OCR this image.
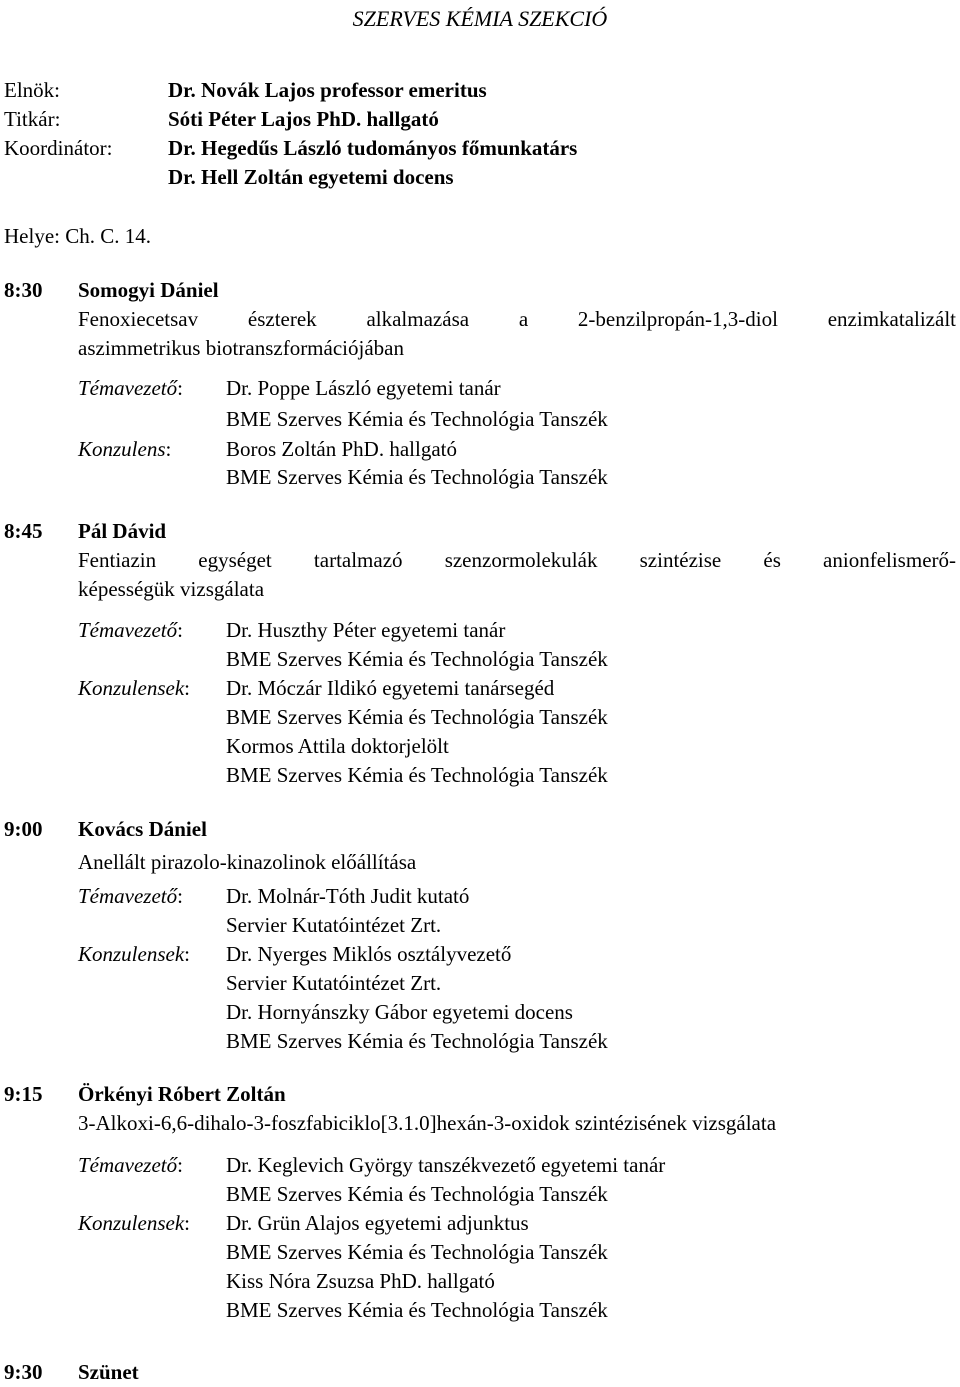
SZERVES KÉMIA SZEKCIÓ
Elnök:	Dr. Novák Lajos professor emeritus
Titkár:	Sóti Péter Lajos PhD. hallgató
Koordinátor:	Dr. Hegedűs László tudományos főmunkatárs
Dr. Hell Zoltán egyetemi docens
Helye: Ch. C. 14.
8:30 Somogyi Dániel
Fenoxiecetsav észterek alkalmazása a 2-benzilpropán-1,3-diol enzimkatalizált
aszimmetrikus biotranszformációjában
Témavezető: Dr. Poppe László egyetemi tanár
BME Szerves Kémia és Technológia Tanszék
Konzulens:	Boros Zoltán PhD. hallgató
BME Szerves Kémia és Technológia Tanszék
8:45 Pál Dávid
Fentiazin egységet tartalmazó szenzormolekulák szintézise és anionfelismerő-
képességük vizsgálata
Témavezető: Dr. Huszthy Péter egyetemi tanár
BME Szerves Kémia és Technológia Tanszék
Konzulensek: Dr. Móczár Ildikó egyetemi tanársegéd
BME Szerves Kémia és Technológia Tanszék
Kormos Attila doktorjelölt
BME Szerves Kémia és Technológia Tanszék
9:00 Kovács Dániel
Anellált pirazolo-kinazolinok előállítása
Témavezető: Dr. Molnár-Tóth Judit kutató
Servier Kutatóintézet Zrt.
Konzulensek: Dr. Nyerges Miklós osztályvezető
Servier Kutatóintézet Zrt.
Dr. Hornyánszky Gábor egyetemi docens
BME Szerves Kémia és Technológia Tanszék
9:15 Örkényi Róbert Zoltán
3-Alkoxi-6,6-dihalo-3-foszfabiciklo[3.1.0]hexán-3-oxidok szintézisének vizsgálata
Témavezető: Dr. Keglevich György tanszékvezető egyetemi tanár
BME Szerves Kémia és Technológia Tanszék
Konzulensek: Dr. Grün Alajos egyetemi adjunktus
BME Szerves Kémia és Technológia Tanszék
Kiss Nóra Zsuzsa PhD. hallgató
BME Szerves Kémia és Technológia Tanszék
9:30 Szünet
